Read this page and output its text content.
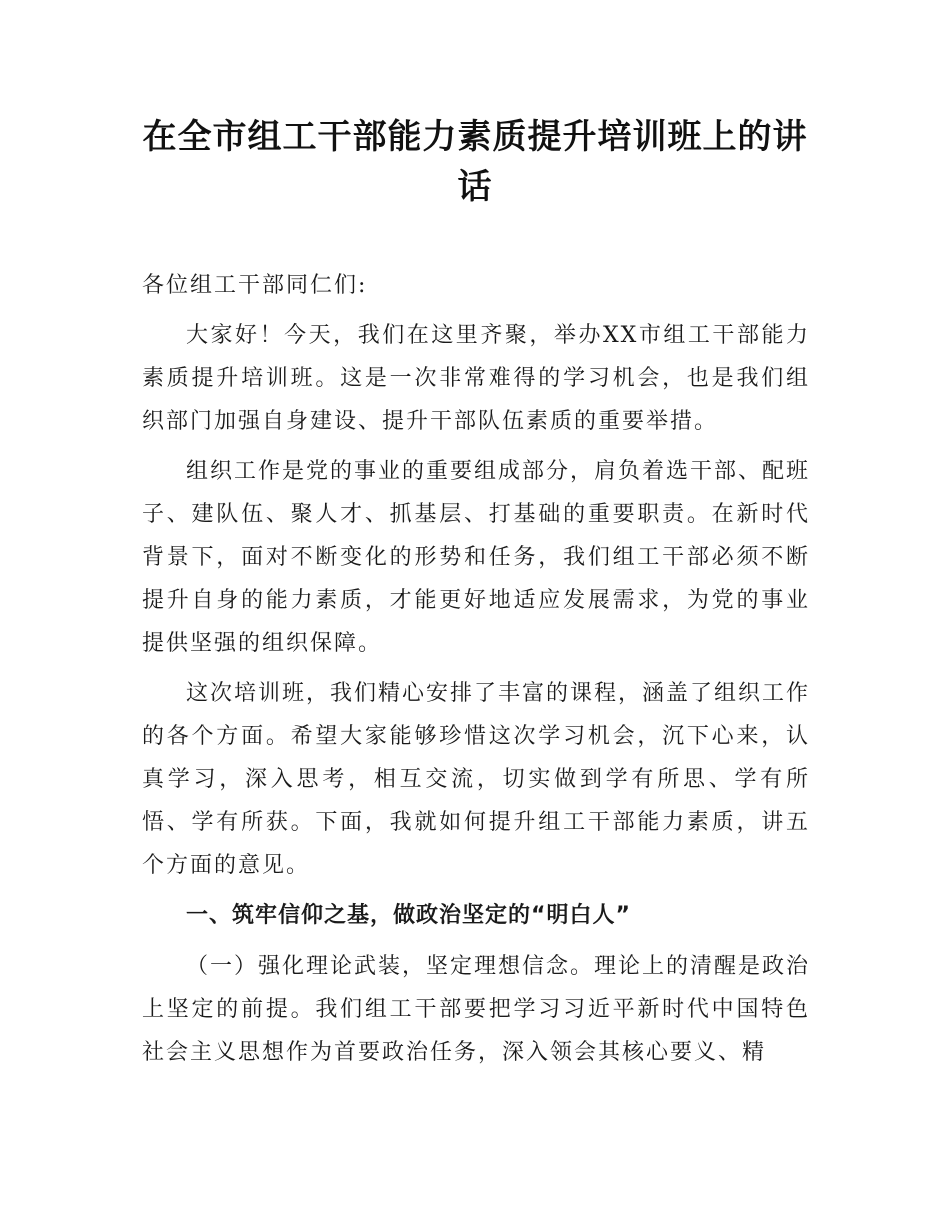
在全市组工干部能力素质提升培训班上的讲话

各位组工干部同仁们:

大家好！今天，我们在这里齐聚，举办XX市组工干部能力素质提升培训班。这是一次非常难得的学习机会，也是我们组织部门加强自身建设、提升干部队伍素质的重要举措。

组织工作是党的事业的重要组成部分，肩负着选干部、配班子、建队伍、聚人才、抓基层、打基础的重要职责。在新时代背景下，面对不断变化的形势和任务，我们组工干部必须不断提升自身的能力素质，才能更好地适应发展需求，为党的事业提供坚强的组织保障。

这次培训班，我们精心安排了丰富的课程，涵盖了组织工作的各个方面。希望大家能够珍惜这次学习机会，沉下心来，认真学习，深入思考，相互交流，切实做到学有所思、学有所悟、学有所获。下面，我就如何提升组工干部能力素质，讲五个方面的意见。

一、筑牢信仰之基，做政治坚定的“明白人”

（一）强化理论武装，坚定理想信念。理论上的清醒是政治上坚定的前提。我们组工干部要把学习习近平新时代中国特色社会主义思想作为首要政治任务，深入领会其核心要义、精
